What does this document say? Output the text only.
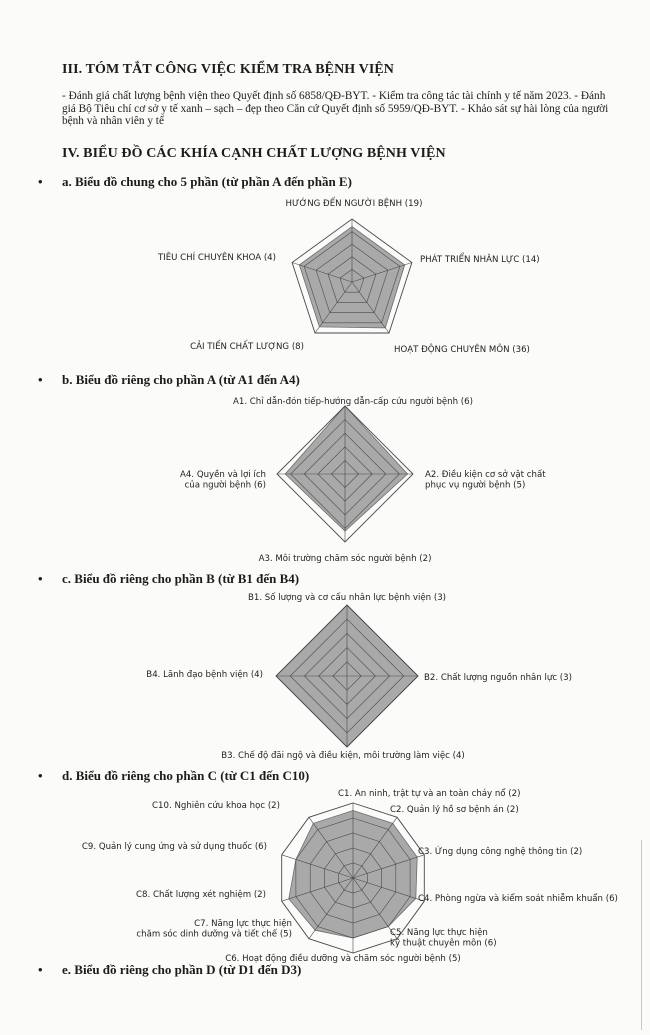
III. TÓM TẮT CÔNG VIỆC KIỂM TRA BỆNH VIỆN
- Đánh giá chất lượng bệnh viện theo Quyết định số 6858/QĐ-BYT. - Kiểm tra công tác tài chính y tế năm 2023. - Đánh giá Bộ Tiêu chí cơ sở y tế xanh – sạch – đẹp theo Căn cứ Quyết định số 5959/QĐ-BYT. - Khảo sát sự hài lòng của người bệnh và nhân viên y tế
IV. BIỂU ĐỒ CÁC KHÍA CẠNH CHẤT LƯỢNG BỆNH VIỆN
• a. Biểu đồ chung cho 5 phần (từ phần A đến phần E)
HƯỚNG ĐẾN NGƯỜI BỆNH (19)
PHÁT TRIỂN NHÂN LỰC (14)
HOẠT ĐỘNG CHUYÊN MÔN (36)
CẢI TIẾN CHẤT LƯỢNG (8)
TIÊU CHÍ CHUYÊN KHOA (4)
• b. Biểu đồ riêng cho phần A (từ A1 đến A4)
A1. Chỉ dẫn-đón tiếp-hướng dẫn-cấp cứu người bệnh (6)
A2. Điều kiện cơ sở vật chất phục vụ người bệnh (5)
A3. Môi trường chăm sóc người bệnh (2)
A4. Quyền và lợi ích của người bệnh (6)
• c. Biểu đồ riêng cho phần B (từ B1 đến B4)
B1. Số lượng và cơ cấu nhân lực bệnh viện (3)
B2. Chất lượng nguồn nhân lực (3)
B3. Chế độ đãi ngộ và điều kiện, môi trường làm việc (4)
B4. Lãnh đạo bệnh viện (4)
• d. Biểu đồ riêng cho phần C (từ C1 đến C10)
C1. An ninh, trật tự và an toàn cháy nổ (2)
C2. Quản lý hồ sơ bệnh án (2)
C3. Ứng dụng công nghệ thông tin (2)
C4. Phòng ngừa và kiểm soát nhiễm khuẩn (6)
C5. Năng lực thực hiện kỹ thuật chuyên môn (6)
C6. Hoạt động điều dưỡng và chăm sóc người bệnh (5)
C7. Năng lực thực hiện chăm sóc dinh dưỡng và tiết chế (5)
C8. Chất lượng xét nghiệm (2)
C9. Quản lý cung ứng và sử dụng thuốc (6)
C10. Nghiên cứu khoa học (2)
• e. Biểu đồ riêng cho phần D (từ D1 đến D3)
